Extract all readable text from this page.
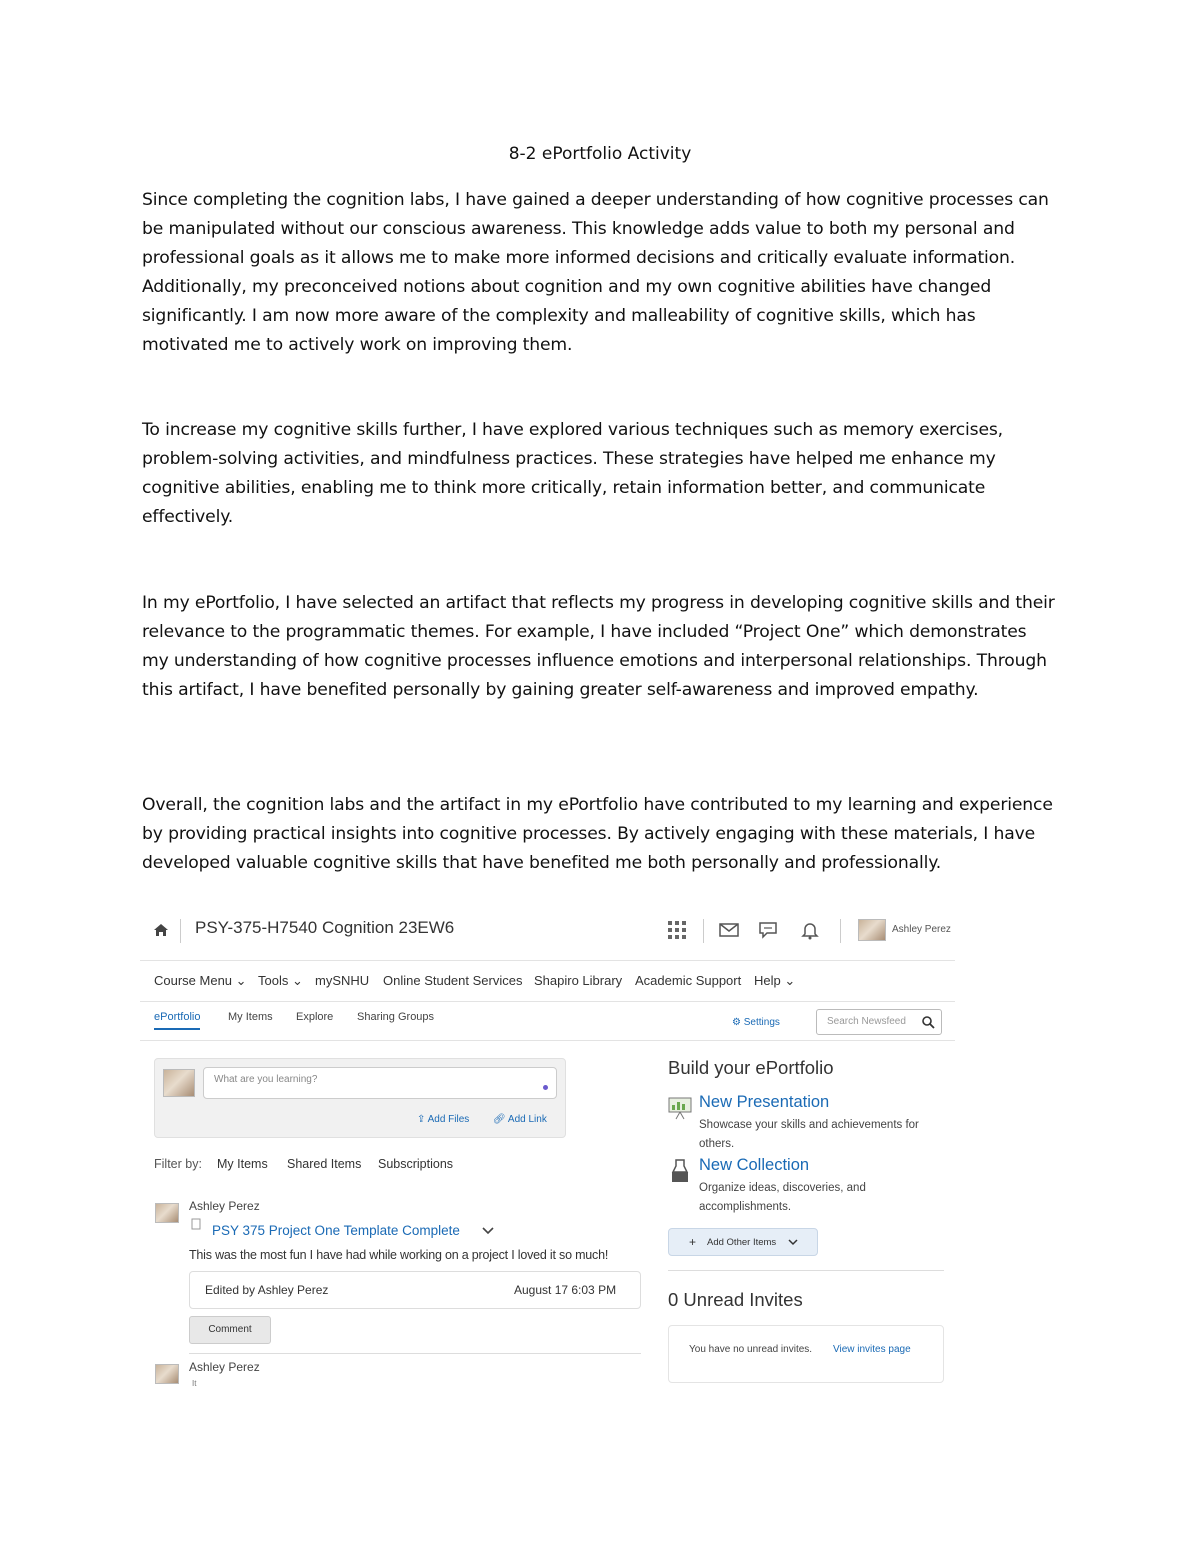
8-2 ePortfolio Activity

Since completing the cognition labs, I have gained a deeper understanding of how cognitive processes can be manipulated without our conscious awareness. This knowledge adds value to both my personal and professional goals as it allows me to make more informed decisions and critically evaluate information. Additionally, my preconceived notions about cognition and my own cognitive abilities have changed significantly. I am now more aware of the complexity and malleability of cognitive skills, which has motivated me to actively work on improving them.

To increase my cognitive skills further, I have explored various techniques such as memory exercises, problem-solving activities, and mindfulness practices. These strategies have helped me enhance my cognitive abilities, enabling me to think more critically, retain information better, and communicate effectively.

In my ePortfolio, I have selected an artifact that reflects my progress in developing cognitive skills and their relevance to the programmatic themes. For example, I have included “Project One” which demonstrates my understanding of how cognitive processes influence emotions and interpersonal relationships. Through this artifact, I have benefited personally by gaining greater self-awareness and improved empathy.

Overall, the cognition labs and the artifact in my ePortfolio have contributed to my learning and experience by providing practical insights into cognitive processes. By actively engaging with these materials, I have developed valuable cognitive skills that have benefited me both personally and professionally.

PSY-375-H7540 Cognition 23EW6	Ashley Perez
Course Menu ⌄ Tools ⌄ mySNHU Online Student Services Shapiro Library Academic Support Help ⌄
ePortfolio	My Items Explore Sharing Groups	⚙ Settings	Search Newsfeed
What are you learning?
⇪ Add Files 🔗︎ Add Link
Filter by: My Items Shared Items Subscriptions
Ashley Perez
PSY 375 Project One Template Complete
This was the most fun I have had while working on a project I loved it so much!
Edited by Ashley Perez	August 17 6:03 PM
Comment
Ashley Perez
It
Build your ePortfolio
New Presentation
Showcase your skills and achievements for others.
New Collection
Organize ideas, discoveries, and accomplishments.
+ Add Other Items
0 Unread Invites
You have no unread invites. View invites page
